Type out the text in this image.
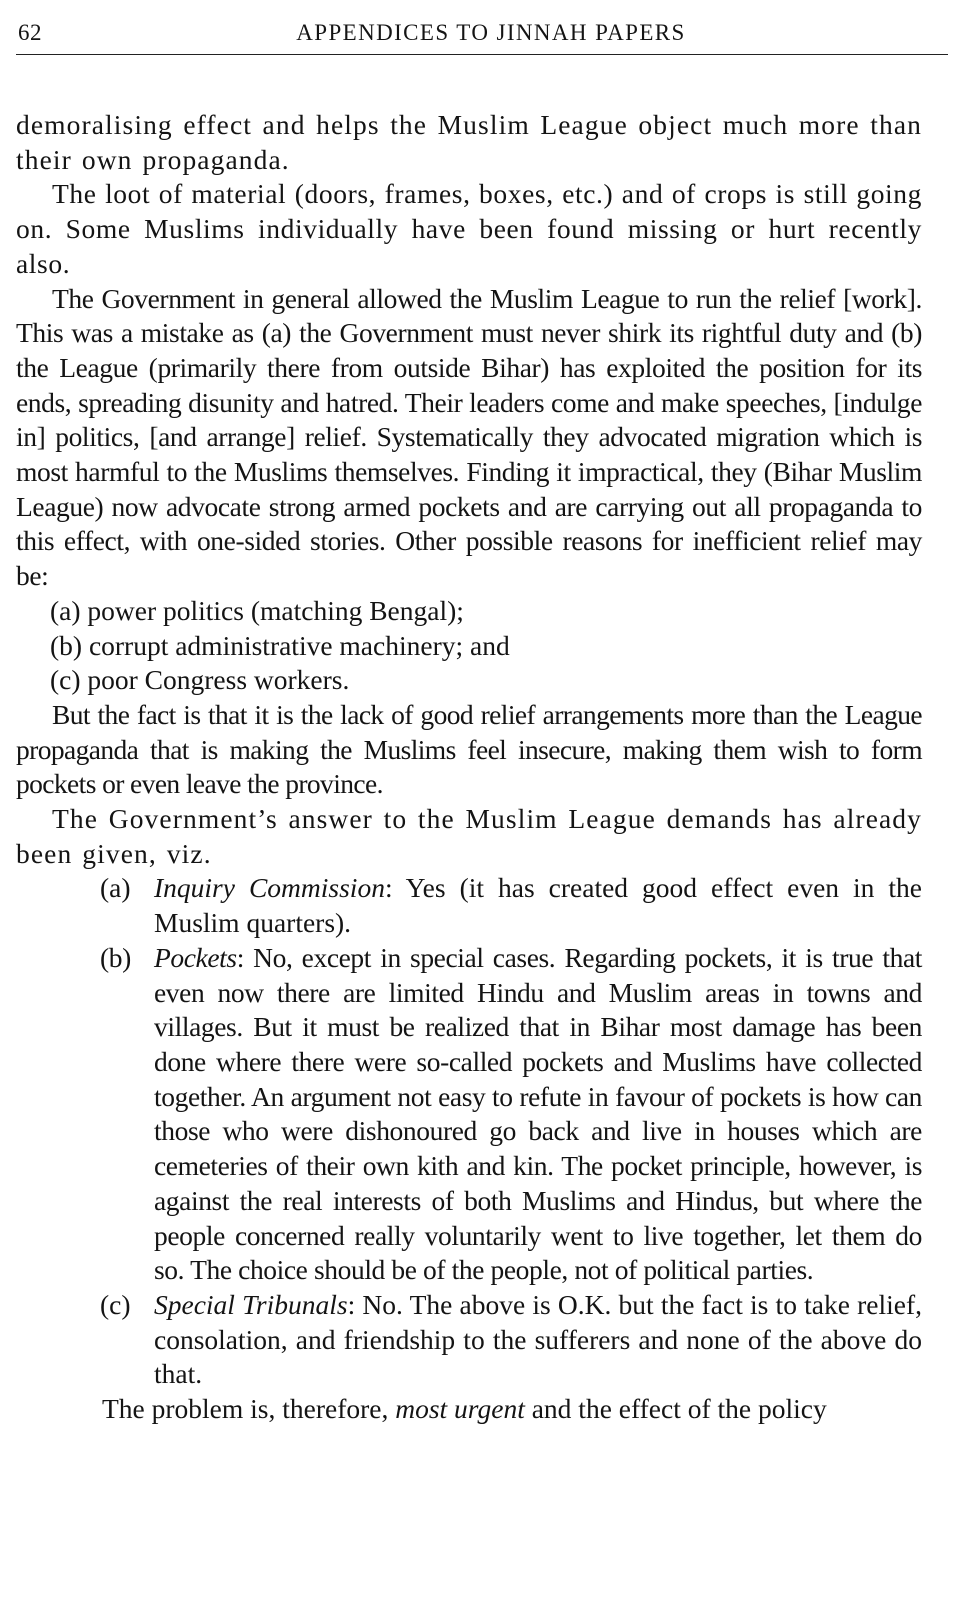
62	APPENDICES TO JINNAH PAPERS

demoralising effect and helps the Muslim League object much more than their own propaganda.

The loot of material (doors, frames, boxes, etc.) and of crops is still going on. Some Muslims individually have been found missing or hurt recently also.

The Government in general allowed the Muslim League to run the relief [work]. This was a mistake as (a) the Government must never shirk its rightful duty and (b) the League (primarily there from outside Bihar) has exploited the position for its ends, spreading disunity and hatred. Their leaders come and make speeches, [indulge in] politics, [and arrange] relief. Systematically they advocated migration which is most harmful to the Muslims themselves. Finding it impractical, they (Bihar Muslim League) now advocate strong armed pockets and are carrying out all propaganda to this effect, with one-sided stories. Other possible reasons for inefficient relief may be:

(a) power politics (matching Bengal);

(b) corrupt administrative machinery; and

(c) poor Congress workers.

But the fact is that it is the lack of good relief arrangements more than the League propaganda that is making the Muslims feel insecure, making them wish to form pockets or even leave the province.

The Government’s answer to the Muslim League demands has already been given, viz.

(a) Inquiry Commission: Yes (it has created good effect even in the Muslim quarters).
(b) Pockets: No, except in special cases. Regarding pockets, it is true that even now there are limited Hindu and Muslim areas in towns and villages. But it must be realized that in Bihar most damage has been done where there were so-called pockets and Muslims have collected together. An argument not easy to refute in favour of pockets is how can those who were dishonoured go back and live in houses which are cemeteries of their own kith and kin. The pocket principle, however, is against the real interests of both Muslims and Hindus, but where the people concerned really voluntarily went to live together, let them do so. The choice should be of the people, not of political parties.
(c) Special Tribunals: No. The above is O.K. but the fact is to take relief, consolation, and friendship to the sufferers and none of the above do that.

The problem is, therefore, most urgent and the effect of the policy
